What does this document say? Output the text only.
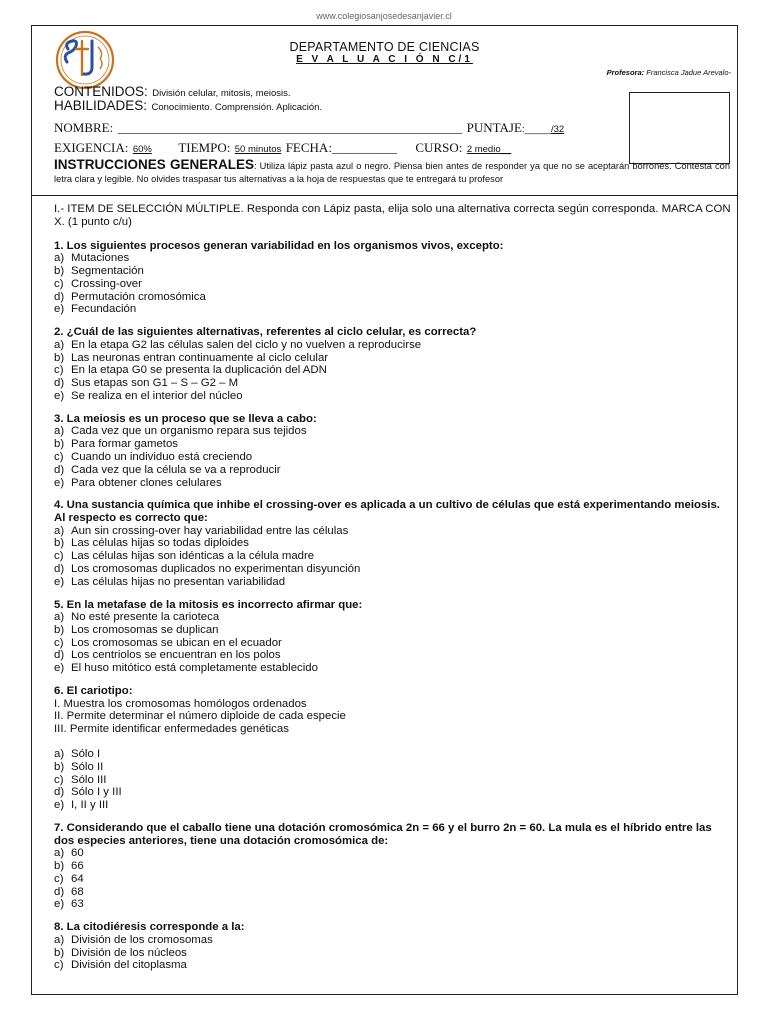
www.colegiosanjosedesanjavier.cl
DEPARTAMENTO DE CIENCIAS
E V A L U A C I Ó N C/1
Profesora: Francisca Jadue Arevalo-
CONTENIDOS: División celular, mitosis, meiosis.
HABILIDADES: Conocimiento. Comprensión. Aplicación.
NOMBRE: _____________________________________________________ PUNTAJE:_____/32
EXIGENCIA: 60% TIEMPO: 50 minutos FECHA:__________ CURSO: 2 medio__
INSTRUCCIONES GENERALES: Utiliza lápiz pasta azul o negro. Piensa bien antes de responder ya que no se aceptarán borrones. Contesta con letra clara y legible. No olvides traspasar tus alternativas a la hoja de respuestas que te entregará tu profesor
I.- ITEM DE SELECCIÓN MÚLTIPLE. Responda con Lápiz pasta, elija solo una alternativa correcta según corresponda. MARCA CON X. (1 punto c/u)
1. Los siguientes procesos generan variabilidad en los organismos vivos, excepto:
a) Mutaciones
b) Segmentación
c) Crossing-over
d) Permutación cromosómica
e) Fecundación
2. ¿Cuál de las siguientes alternativas, referentes al ciclo celular, es correcta?
a) En la etapa G2 las células salen del ciclo y no vuelven a reproducirse
b) Las neuronas entran continuamente al ciclo celular
c) En la etapa G0 se presenta la duplicación del ADN
d) Sus etapas son G1 – S – G2 – M
e) Se realiza en el interior del núcleo
3. La meiosis es un proceso que se lleva a cabo:
a) Cada vez que un organismo repara sus tejidos
b) Para formar gametos
c) Cuando un individuo está creciendo
d) Cada vez que la célula se va a reproducir
e) Para obtener clones celulares
4. Una sustancia química que inhibe el crossing-over es aplicada a un cultivo de células que está experimentando meiosis. Al respecto es correcto que:
a) Aun sin crossing-over hay variabilidad entre las células
b) Las células hijas so todas diploides
c) Las células hijas son idénticas a la célula madre
d) Los cromosomas duplicados no experimentan disyunción
e) Las células hijas no presentan variabilidad
5. En la metafase de la mitosis es incorrecto afirmar que:
a) No esté presente la carioteca
b) Los cromosomas se duplican
c) Los cromosomas se ubican en el ecuador
d) Los centriolos se encuentran en los polos
e) El huso mitótico está completamente establecido
6. El cariotipo:
I. Muestra los cromosomas homólogos ordenados
II. Permite determinar el número diploide de cada especie
III. Permite identificar enfermedades genéticas
a) Sólo I
b) Sólo II
c) Sólo III
d) Sólo I y III
e) I, II y III
7. Considerando que el caballo tiene una dotación cromosómica 2n = 66 y el burro 2n = 60. La mula es el híbrido entre las dos especies anteriores, tiene una dotación cromosómica de:
a) 60
b) 66
c) 64
d) 68
e) 63
8. La citodiéresis corresponde a la:
a) División de los cromosomas
b) División de los núcleos
c) División del citoplasma
